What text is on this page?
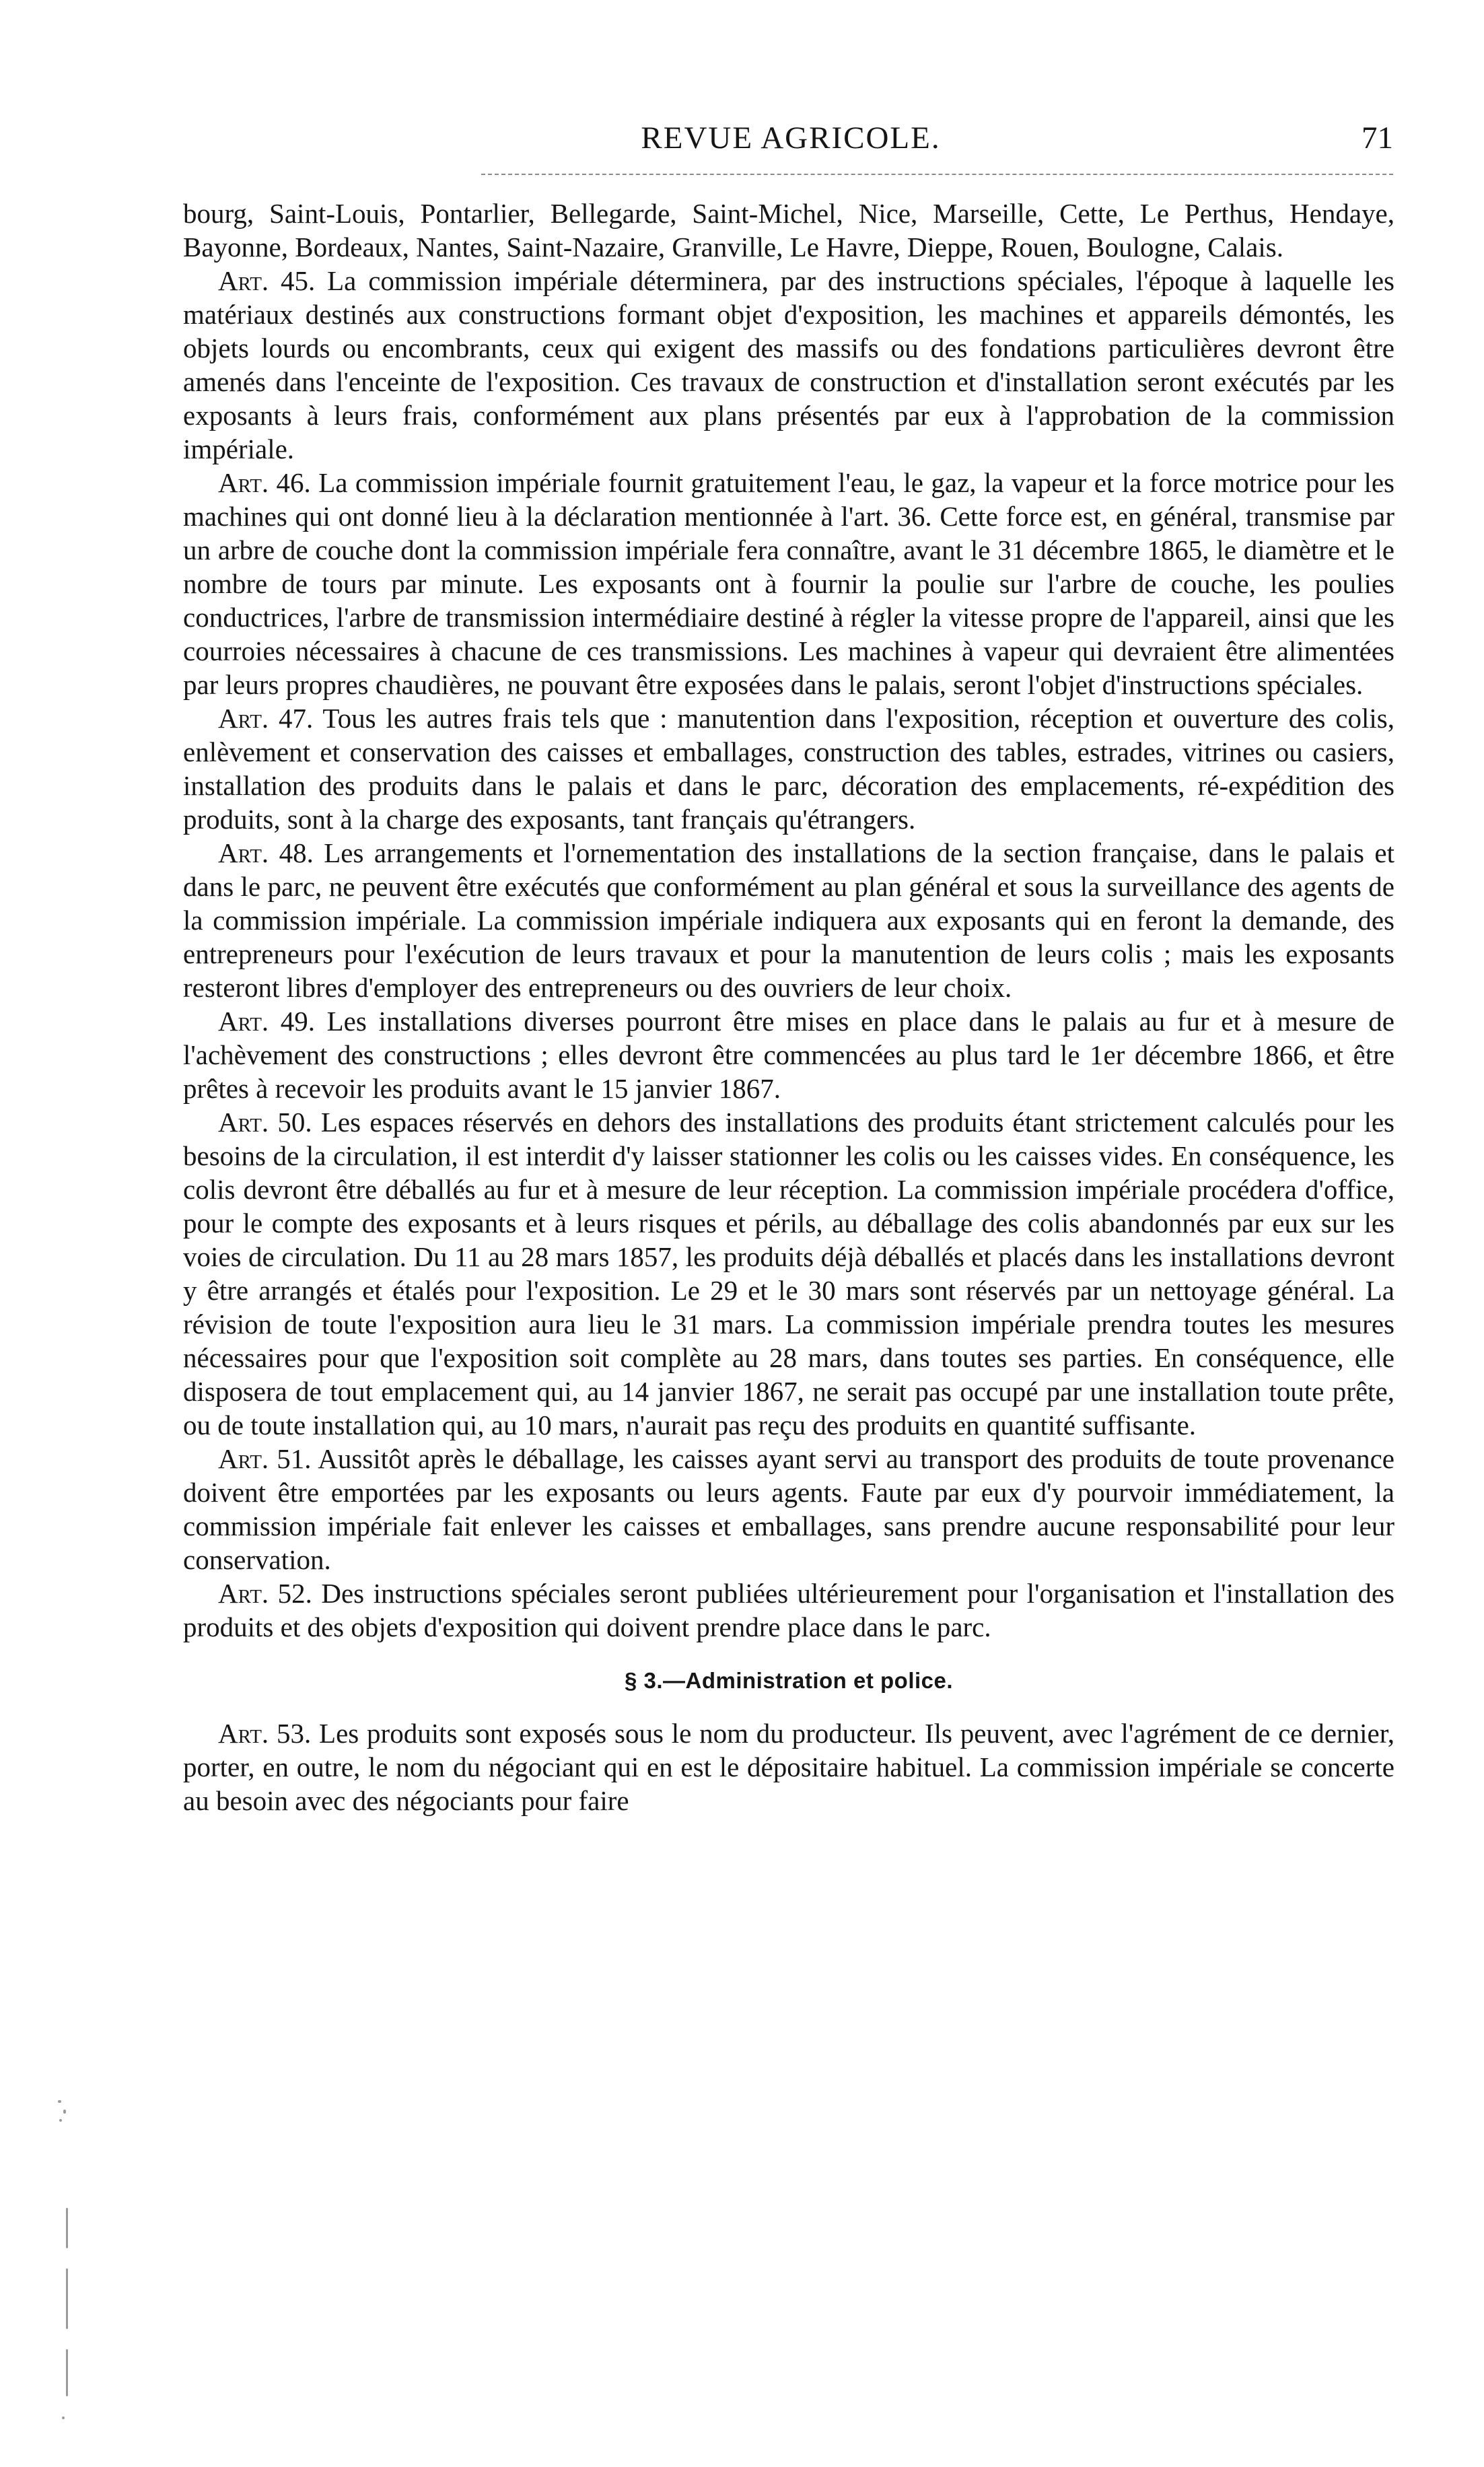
REVUE AGRICOLE.	71

bourg, Saint-Louis, Pontarlier, Bellegarde, Saint-Michel, Nice, Marseille, Cette, Le Perthus, Hendaye, Bayonne, Bordeaux, Nantes, Saint-Nazaire, Granville, Le Havre, Dieppe, Rouen, Boulogne, Calais.

Art. 45. La commission impériale déterminera, par des instructions spéciales, l'époque à laquelle les matériaux destinés aux constructions formant objet d'exposition, les machines et appareils démontés, les objets lourds ou encombrants, ceux qui exigent des massifs ou des fondations particulières devront être amenés dans l'enceinte de l'exposition. Ces travaux de construction et d'installation seront exécutés par les exposants à leurs frais, conformément aux plans présentés par eux à l'approbation de la commission impériale.

Art. 46. La commission impériale fournit gratuitement l'eau, le gaz, la vapeur et la force motrice pour les machines qui ont donné lieu à la déclaration mentionnée à l'art. 36. Cette force est, en général, transmise par un arbre de couche dont la commission impériale fera connaître, avant le 31 décembre 1865, le diamètre et le nombre de tours par minute. Les exposants ont à fournir la poulie sur l'arbre de couche, les poulies conductrices, l'arbre de transmission intermédiaire destiné à régler la vitesse propre de l'appareil, ainsi que les courroies nécessaires à chacune de ces transmissions. Les machines à vapeur qui devraient être alimentées par leurs propres chaudières, ne pouvant être exposées dans le palais, seront l'objet d'instructions spéciales.

Art. 47. Tous les autres frais tels que : manutention dans l'exposition, réception et ouverture des colis, enlèvement et conservation des caisses et emballages, construction des tables, estrades, vitrines ou casiers, installation des produits dans le palais et dans le parc, décoration des emplacements, ré-expédition des produits, sont à la charge des exposants, tant français qu'étrangers.

Art. 48. Les arrangements et l'ornementation des installations de la section française, dans le palais et dans le parc, ne peuvent être exécutés que conformément au plan général et sous la surveillance des agents de la commission impériale. La commission impériale indiquera aux exposants qui en feront la demande, des entrepreneurs pour l'exécution de leurs travaux et pour la manutention de leurs colis ; mais les exposants resteront libres d'employer des entrepreneurs ou des ouvriers de leur choix.

Art. 49. Les installations diverses pourront être mises en place dans le palais au fur et à mesure de l'achèvement des constructions ; elles devront être commencées au plus tard le 1er décembre 1866, et être prêtes à recevoir les produits avant le 15 janvier 1867.

Art. 50. Les espaces réservés en dehors des installations des produits étant strictement calculés pour les besoins de la circulation, il est interdit d'y laisser stationner les colis ou les caisses vides. En conséquence, les colis devront être déballés au fur et à mesure de leur réception. La commission impériale procédera d'office, pour le compte des exposants et à leurs risques et périls, au déballage des colis abandonnés par eux sur les voies de circulation. Du 11 au 28 mars 1857, les produits déjà déballés et placés dans les installations devront y être arrangés et étalés pour l'exposition. Le 29 et le 30 mars sont réservés par un nettoyage général. La révision de toute l'exposition aura lieu le 31 mars. La commission impériale prendra toutes les mesures nécessaires pour que l'exposition soit complète au 28 mars, dans toutes ses parties. En conséquence, elle disposera de tout emplacement qui, au 14 janvier 1867, ne serait pas occupé par une installation toute prête, ou de toute installation qui, au 10 mars, n'aurait pas reçu des produits en quantité suffisante.

Art. 51. Aussitôt après le déballage, les caisses ayant servi au transport des produits de toute provenance doivent être emportées par les exposants ou leurs agents. Faute par eux d'y pourvoir immédiatement, la commission impériale fait enlever les caisses et emballages, sans prendre aucune responsabilité pour leur conservation.

Art. 52. Des instructions spéciales seront publiées ultérieurement pour l'organisation et l'installation des produits et des objets d'exposition qui doivent prendre place dans le parc.

§ 3.—Administration et police.

Art. 53. Les produits sont exposés sous le nom du producteur. Ils peuvent, avec l'agrément de ce dernier, porter, en outre, le nom du négociant qui en est le dépositaire habituel. La commission impériale se concerte au besoin avec des négociants pour faire
